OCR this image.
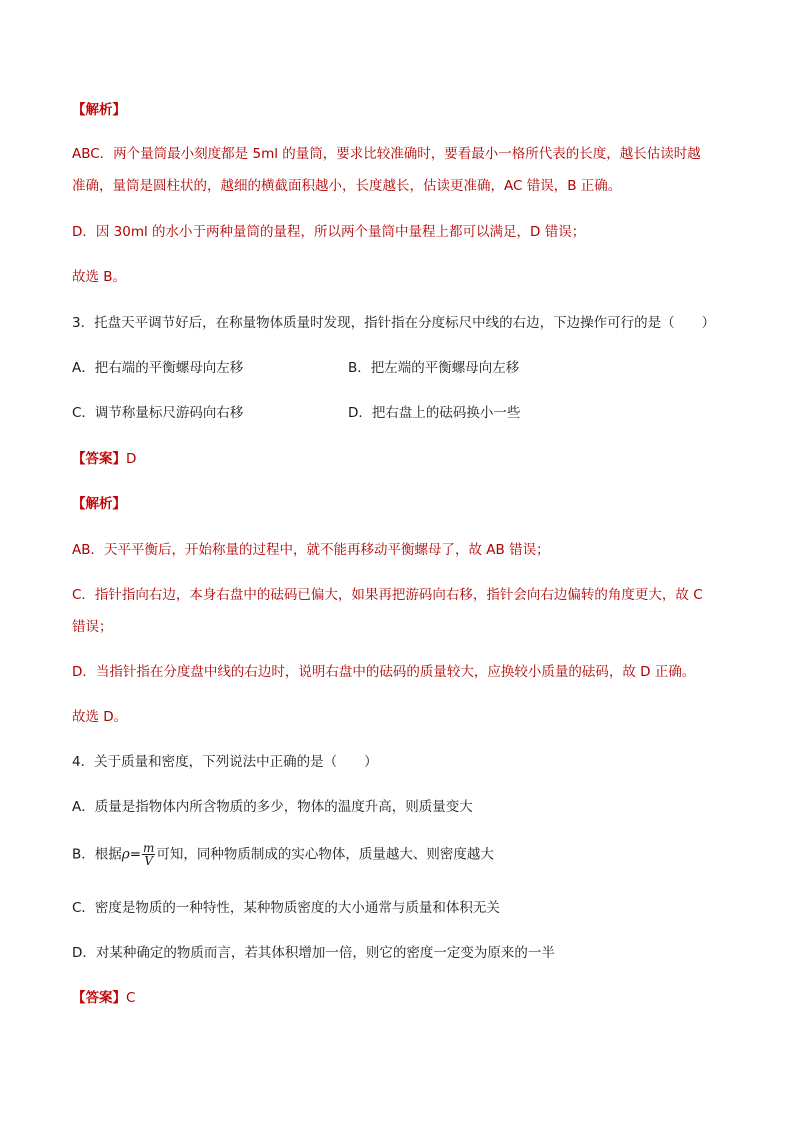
【解析】
ABC．两个量筒最小刻度都是 5ml 的量筒，要求比较准确时，要看最小一格所代表的长度，越长估读时越
准确，量筒是圆柱状的，越细的横截面积越小，长度越长，估读更准确，AC 错误，B 正确。
D．因 30ml 的水小于两种量筒的量程，所以两个量筒中量程上都可以满足，D 错误；
故选 B。
3．托盘天平调节好后，在称量物体质量时发现，指针指在分度标尺中线的右边，下边操作可行的是（　　）
A．把右端的平衡螺母向左移	B．把左端的平衡螺母向左移
C．调节称量标尺游码向右移	D．把右盘上的砝码换小一些
【答案】D
【解析】
AB．天平平衡后，开始称量的过程中，就不能再移动平衡螺母了，故 AB 错误；
C．指针指向右边，本身右盘中的砝码已偏大，如果再把游码向右移，指针会向右边偏转的角度更大，故 C
错误；
D．当指针指在分度盘中线的右边时，说明右盘中的砝码的质量较大，应换较小质量的砝码，故 D 正确。
故选 D。
4．关于质量和密度，下列说法中正确的是（　　）
A．质量是指物体内所含物质的多少，物体的温度升高，则质量变大
B．根据$\rho= \frac{m}{V}$ 可知，同种物质制成的实心物体，质量越大、则密度越大
C．密度是物质的一种特性，某种物质密度的大小通常与质量和体积无关
D．对某种确定的物质而言，若其体积增加一倍，则它的密度一定变为原来的一半
【答案】C
